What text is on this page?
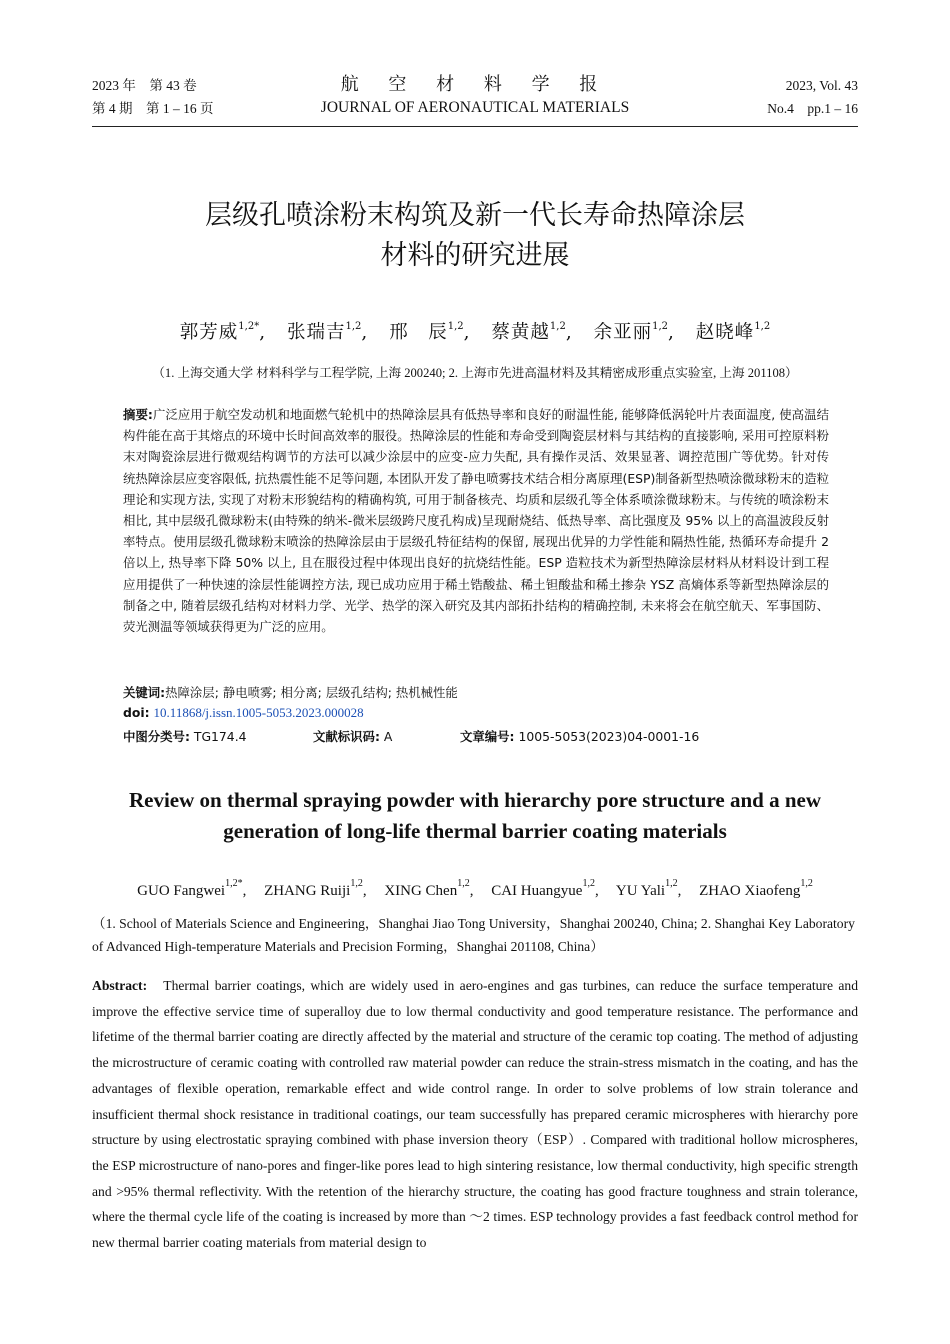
2023 年　第 43 卷
第 4 期　第 1 – 16 页
航 空 材 料 学 报
JOURNAL OF AERONAUTICAL MATERIALS
2023, Vol. 43
No.4　pp.1 – 16
层级孔喷涂粉末构筑及新一代长寿命热障涂层
材料的研究进展
郭芳威$^{1,2*}$, 张瑞吉$^{1,2}$, 邢　辰$^{1,2}$, 蔡黄越$^{1,2}$, 余亚丽$^{1,2}$, 赵晓峰$^{1,2}$
（1. 上海交通大学 材料科学与工程学院, 上海 200240; 2. 上海市先进高温材料及其精密成形重点实验室, 上海 201108）
摘要:广泛应用于航空发动机和地面燃气轮机中的热障涂层具有低热导率和良好的耐温性能, 能够降低涡轮叶片表面温度, 使高温结构件能在高于其熔点的环境中长时间高效率的服役。热障涂层的性能和寿命受到陶瓷层材料与其结构的直接影响, 采用可控原料粉末对陶瓷涂层进行微观结构调节的方法可以减少涂层中的应变-应力失配, 具有操作灵活、效果显著、调控范围广等优势。针对传统热障涂层应变容限低, 抗热震性能不足等问题, 本团队开发了静电喷雾技术结合相分离原理(ESP)制备新型热喷涂微球粉末的造粒理论和实现方法, 实现了对粉末形貌结构的精确构筑, 可用于制备核壳、均质和层级孔等全体系喷涂微球粉末。与传统的喷涂粉末相比, 其中层级孔微球粉末(由特殊的纳米-微米层级跨尺度孔构成)呈现耐烧结、低热导率、高比强度及 95% 以上的高温波段反射率特点。使用层级孔微球粉末喷涂的热障涂层由于层级孔特征结构的保留, 展现出优异的力学性能和隔热性能, 热循环寿命提升 2 倍以上, 热导率下降 50% 以上, 且在服役过程中体现出良好的抗烧结性能。ESP 造粒技术为新型热障涂层材料从材料设计到工程应用提供了一种快速的涂层性能调控方法, 现已成功应用于稀土锆酸盐、稀土钽酸盐和稀土掺杂 YSZ 高熵体系等新型热障涂层的制备之中, 随着层级孔结构对材料力学、光学、热学的深入研究及其内部拓扑结构的精确控制, 未来将会在航空航天、军事国防、荧光测温等领域获得更为广泛的应用。
关键词:热障涂层; 静电喷雾; 相分离; 层级孔结构; 热机械性能
doi: 10.11868/j.issn.1005-5053.2023.000028
中图分类号: TG174.4	文献标识码: A	文章编号: 1005-5053(2023)04-0001-16
Review on thermal spraying powder with hierarchy pore structure and a new
generation of long-life thermal barrier coating materials
GUO Fangwei$^{1,2*}$, ZHANG Ruiji$^{1,2}$, XING Chen$^{1,2}$, CAI Huangyue$^{1,2}$, YU Yali$^{1,2}$, ZHAO Xiaofeng$^{1,2}$
（1. School of Materials Science and Engineering，Shanghai Jiao Tong University，Shanghai 200240, China; 2. Shanghai Key Laboratory of Advanced High-temperature Materials and Precision Forming，Shanghai 201108, China）
Abstract: Thermal barrier coatings, which are widely used in aero-engines and gas turbines, can reduce the surface temperature and improve the effective service time of superalloy due to low thermal conductivity and good temperature resistance. The performance and lifetime of the thermal barrier coating are directly affected by the material and structure of the ceramic top coating. The method of adjusting the microstructure of ceramic coating with controlled raw material powder can reduce the strain-stress mismatch in the coating, and has the advantages of flexible operation, remarkable effect and wide control range. In order to solve problems of low strain tolerance and insufficient thermal shock resistance in traditional coatings, our team successfully has prepared ceramic microspheres with hierarchy pore structure by using electrostatic spraying combined with phase inversion theory（ESP）. Compared with traditional hollow microspheres, the ESP microstructure of nano-pores and finger-like pores lead to high sintering resistance, low thermal conductivity, high specific strength and >95% thermal reflectivity. With the retention of the hierarchy structure, the coating has good fracture toughness and strain tolerance, where the thermal cycle life of the coating is increased by more than ～2 times. ESP technology provides a fast feedback control method for new thermal barrier coating materials from material design to
